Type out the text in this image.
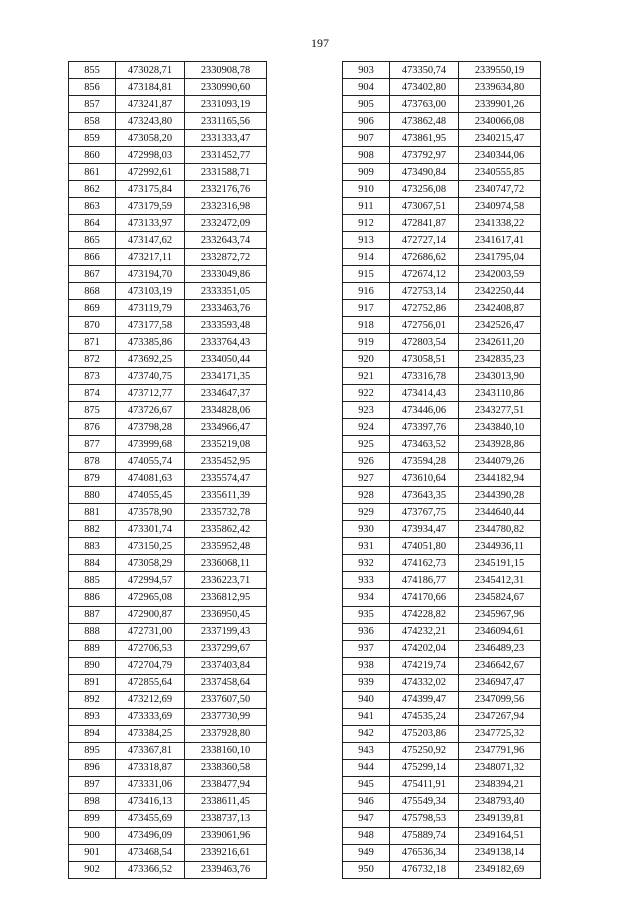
197
855	473028,71	2330908,78
856	473184,81	2330990,60
857	473241,87	2331093,19
858	473243,80	2331165,56
859	473058,20	2331333,47
860	472998,03	2331452,77
861	472992,61	2331588,71
862	473175,84	2332176,76
863	473179,59	2332316,98
864	473133,97	2332472,09
865	473147,62	2332643,74
866	473217,11	2332872,72
867	473194,70	2333049,86
868	473103,19	2333351,05
869	473119,79	2333463,76
870	473177,58	2333593,48
871	473385,86	2333764,43
872	473692,25	2334050,44
873	473740,75	2334171,35
874	473712,77	2334647,37
875	473726,67	2334828,06
876	473798,28	2334966,47
877	473999,68	2335219,08
878	474055,74	2335452,95
879	474081,63	2335574,47
880	474055,45	2335611,39
881	473578,90	2335732,78
882	473301,74	2335862,42
883	473150,25	2335952,48
884	473058,29	2336068,11
885	472994,57	2336223,71
886	472965,08	2336812,95
887	472900,87	2336950,45
888	472731,00	2337199,43
889	472706,53	2337299,67
890	472704,79	2337403,84
891	472855,64	2337458,64
892	473212,69	2337607,50
893	473333,69	2337730,99
894	473384,25	2337928,80
895	473367,81	2338160,10
896	473318,87	2338360,58
897	473331,06	2338477,94
898	473416,13	2338611,45
899	473455,69	2338737,13
900	473496,09	2339061,96
901	473468,54	2339216,61
902	473366,52	2339463,76
903	473350,74	2339550,19
904	473402,80	2339634,80
905	473763,00	2339901,26
906	473862,48	2340066,08
907	473861,95	2340215,47
908	473792,97	2340344,06
909	473490,84	2340555,85
910	473256,08	2340747,72
911	473067,51	2340974,58
912	472841,87	2341338,22
913	472727,14	2341617,41
914	472686,62	2341795,04
915	472674,12	2342003,59
916	472753,14	2342250,44
917	472752,86	2342408,87
918	472756,01	2342526,47
919	472803,54	2342611,20
920	473058,51	2342835,23
921	473316,78	2343013,90
922	473414,43	2343110,86
923	473446,06	2343277,51
924	473397,76	2343840,10
925	473463,52	2343928,86
926	473594,28	2344079,26
927	473610,64	2344182,94
928	473643,35	2344390,28
929	473767,75	2344640,44
930	473934,47	2344780,82
931	474051,80	2344936,11
932	474162,73	2345191,15
933	474186,77	2345412,31
934	474170,66	2345824,67
935	474228,82	2345967,96
936	474232,21	2346094,61
937	474202,04	2346489,23
938	474219,74	2346642,67
939	474332,02	2346947,47
940	474399,47	2347099,56
941	474535,24	2347267,94
942	475203,86	2347725,32
943	475250,92	2347791,96
944	475299,14	2348071,32
945	475411,91	2348394,21
946	475549,34	2348793,40
947	475798,53	2349139,81
948	475889,74	2349164,51
949	476536,34	2349138,14
950	476732,18	2349182,69
